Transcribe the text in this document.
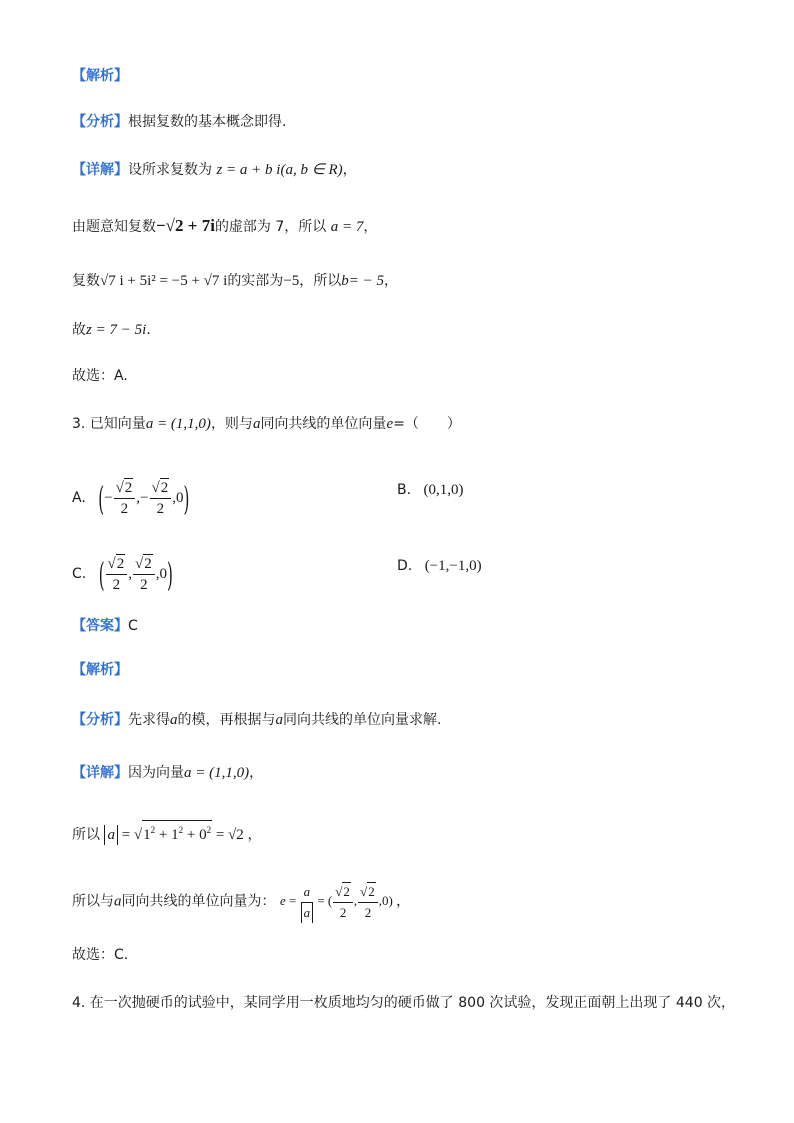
【解析】
【分析】根据复数的基本概念即得.
【详解】设所求复数为 z = a + b i(a, b ∈ R)，
由题意知复数−√2 + 7i的虚部为 7，所以 a = 7，
复数√7 i + 5i² = −5 + √7 i的实部为−5，所以b= − 5，
故z = 7 − 5i.
故选：A.
3. 已知向量a = (1,1,0)，则与a同向共线的单位向量e=（　　）
A. (− $\frac{√2}{2}$ ,− $\frac{√2}{2} ,0$)	B. (0,1,0)
C. ( $\frac{√2}{2}$ , $\frac{√2}{2} ,0$)	D. (−1,−1,0)
【答案】C
【解析】
【分析】先求得a的模，再根据与a同向共线的单位向量求解.
【详解】因为向量a = (1,1,0)，
所以 $a = √1^2 + 1^2 + 0^2 = √2$ ，
所以与a同向共线的单位向量为： $e = \frac{a}{a}$ = ( $\frac{√2}{2}$ , $\frac{√2}{2} ,0$) ，
故选：C.
4. 在一次抛硬币的试验中，某同学用一枚质地均匀的硬币做了 800 次试验，发现正面朝上出现了 440 次，
